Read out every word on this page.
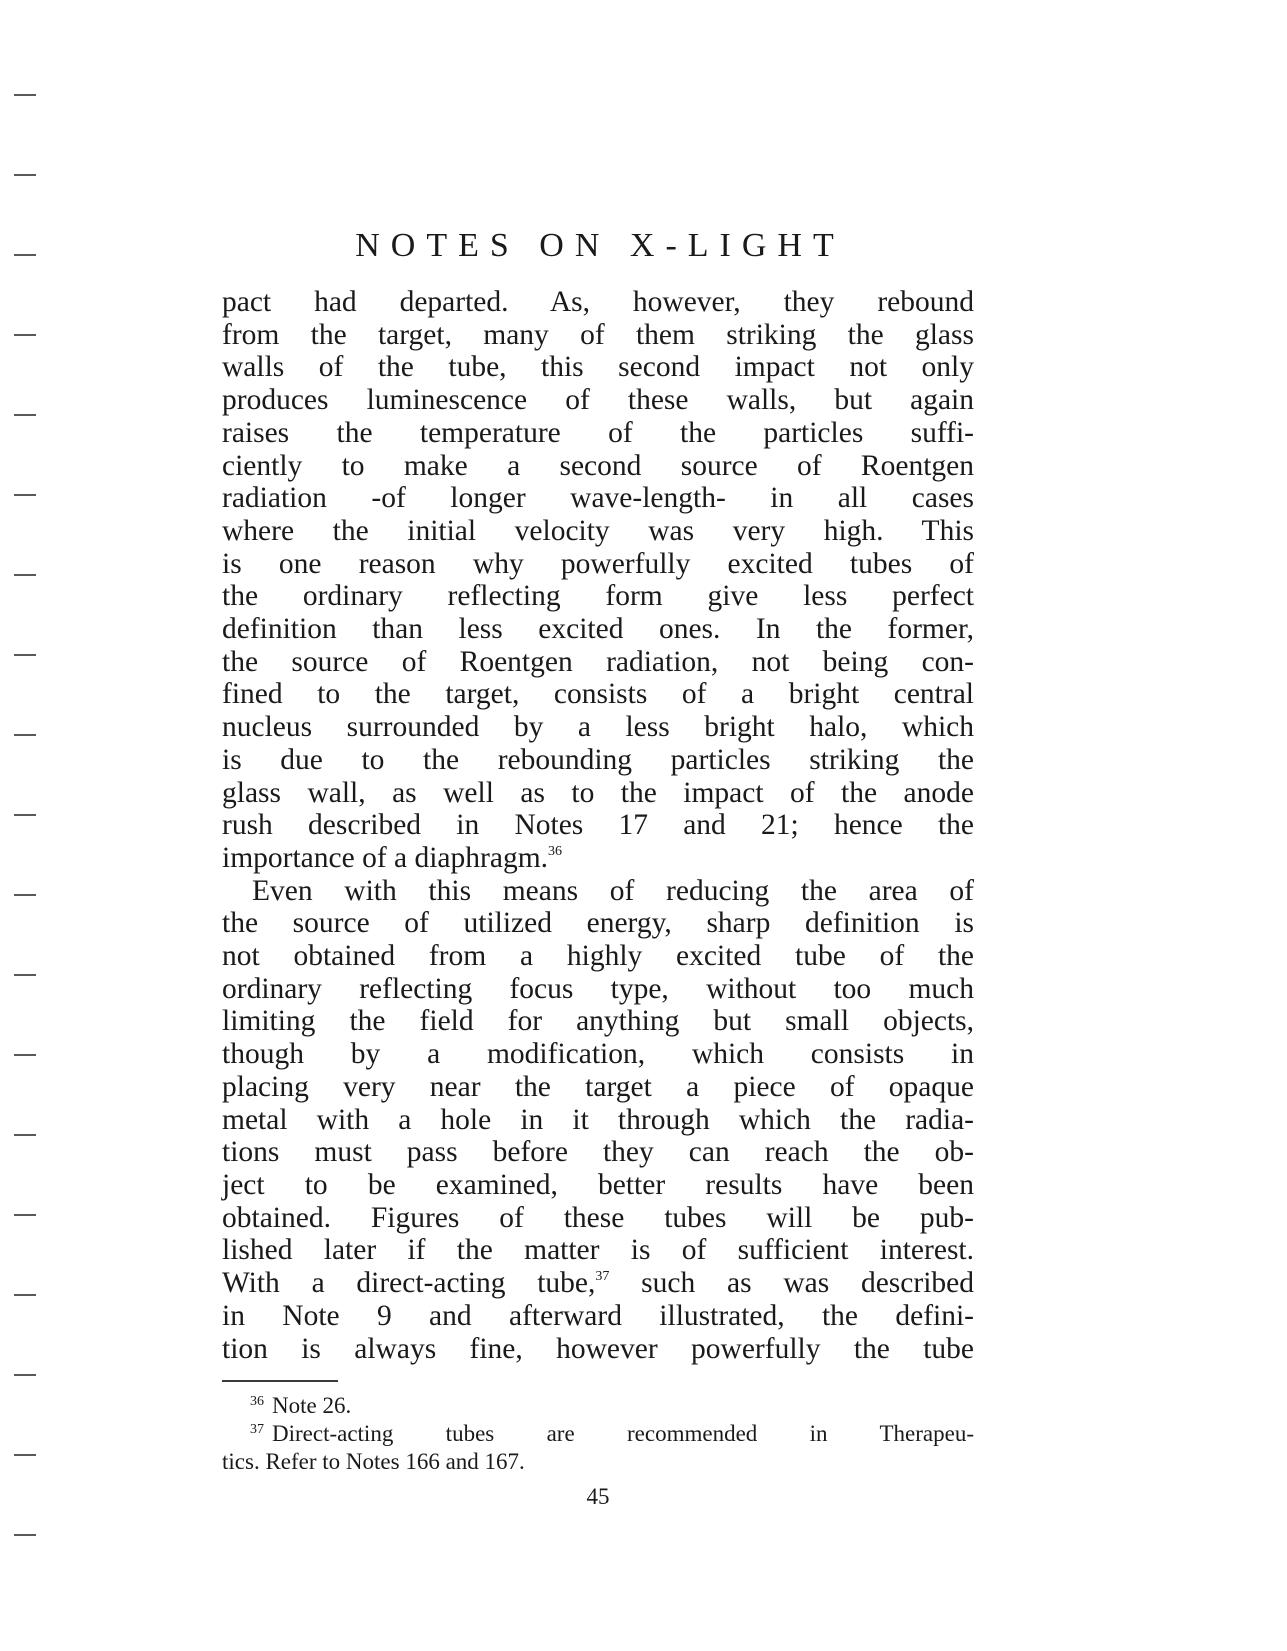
NOTES ON X-LIGHT
pact had departed. As, however, they rebound
from the target, many of them striking the glass
walls of the tube, this second impact not only
produces luminescence of these walls, but again
raises the temperature of the particles suffi-
ciently to make a second source of Roentgen
radiation -of longer wave-length- in all cases
where the initial velocity was very high. This
is one reason why powerfully excited tubes of
the ordinary reflecting form give less perfect
definition than less excited ones. In the former,
the source of Roentgen radiation, not being con-
fined to the target, consists of a bright central
nucleus surrounded by a less bright halo, which
is due to the rebounding particles striking the
glass wall, as well as to the impact of the anode
rush described in Notes 17 and 21; hence the
importance of a diaphragm.$^{36}$
Even with this means of reducing the area of
the source of utilized energy, sharp definition is
not obtained from a highly excited tube of the
ordinary reflecting focus type, without too much
limiting the field for anything but small objects,
though by a modification, which consists in
placing very near the target a piece of opaque
metal with a hole in it through which the radia-
tions must pass before they can reach the ob-
ject to be examined, better results have been
obtained. Figures of these tubes will be pub-
lished later if the matter is of sufficient interest.
With a direct-acting tube,$^{37}$ such as was described
in Note 9 and afterward illustrated, the defini-
tion is always fine, however powerfully the tube
$^{36}$ Note 26.
$^{37}$ Direct-acting tubes are recommended in Therapeu-
tics. Refer to Notes 166 and 167.
45
